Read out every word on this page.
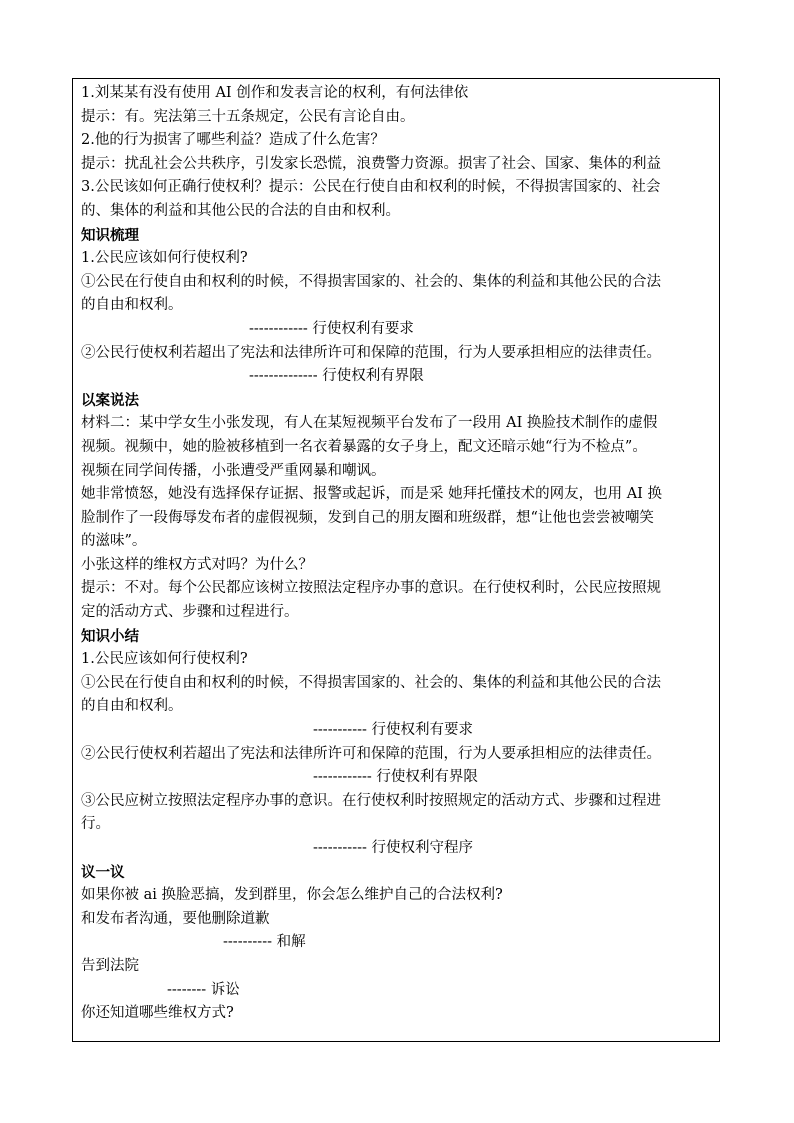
1.刘某某有没有使用 AI 创作和发表言论的权利，有何法律依
提示：有。宪法第三十五条规定，公民有言论自由。
2.他的行为损害了哪些利益？造成了什么危害？
提示：扰乱社会公共秩序，引发家长恐慌，浪费警力资源。损害了社会、国家、集体的利益
3.公民该如何正确行使权利？提示：公民在行使自由和权利的时候，不得损害国家的、社会
的、集体的利益和其他公民的合法的自由和权利。
知识梳理
1.公民应该如何行使权利?
①公民在行使自由和权利的时候，不得损害国家的、社会的、集体的利益和其他公民的合法
的自由和权利。
------------ 行使权利有要求
②公民行使权利若超出了宪法和法律所许可和保障的范围，行为人要承担相应的法律责任。
-------------- 行使权利有界限
以案说法
材料二：某中学女生小张发现，有人在某短视频平台发布了一段用 AI 换脸技术制作的虚假
视频。视频中，她的脸被移植到一名衣着暴露的女子身上，配文还暗示她“行为不检点”。
视频在同学间传播，小张遭受严重网暴和嘲讽。
她非常愤怒，她没有选择保存证据、报警或起诉，而是采 她拜托懂技术的网友，也用 AI 换
脸制作了一段侮辱发布者的虚假视频，发到自己的朋友圈和班级群，想“让他也尝尝被嘲笑
的滋味”。
小张这样的维权方式对吗？为什么？
提示：不对。每个公民都应该树立按照法定程序办事的意识。在行使权利时，公民应按照规
定的活动方式、步骤和过程进行。
知识小结
1.公民应该如何行使权利?
①公民在行使自由和权利的时候，不得损害国家的、社会的、集体的利益和其他公民的合法
的自由和权利。
----------- 行使权利有要求
②公民行使权利若超出了宪法和法律所许可和保障的范围，行为人要承担相应的法律责任。
------------ 行使权利有界限
③公民应树立按照法定程序办事的意识。在行使权利时按照规定的活动方式、步骤和过程进
行。
----------- 行使权利守程序
议一议
如果你被 ai 换脸恶搞，发到群里，你会怎么维护自己的合法权利?
和发布者沟通，要他删除道歉
---------- 和解
告到法院
-------- 诉讼
你还知道哪些维权方式?
